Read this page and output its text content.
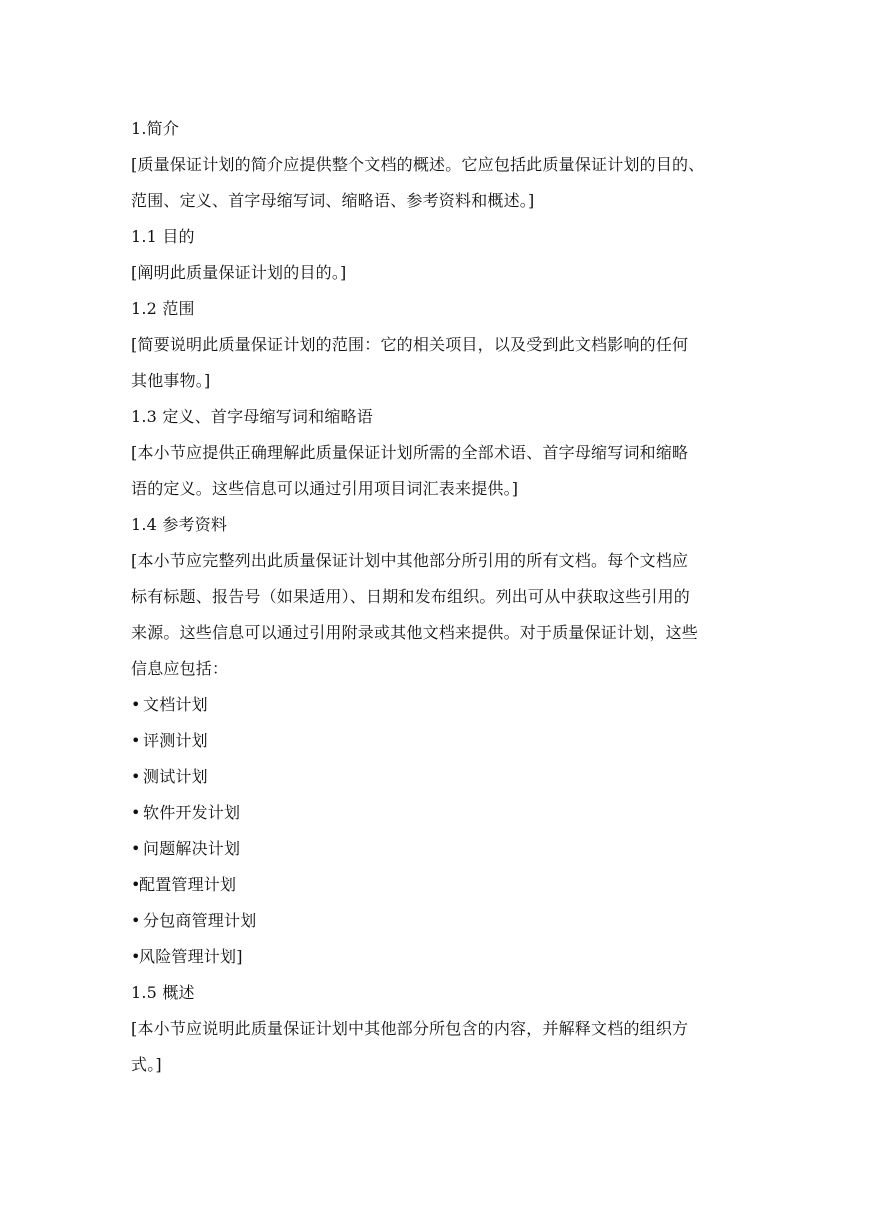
1.简介
[质量保证计划的简介应提供整个文档的概述。它应包括此质量保证计划的目的、
范围、定义、首字母缩写词、缩略语、参考资料和概述。]
1.1 目的
[阐明此质量保证计划的目的。]
1.2 范围
[简要说明此质量保证计划的范围：它的相关项目，以及受到此文档影响的任何
其他事物。]
1.3 定义、首字母缩写词和缩略语
[本小节应提供正确理解此质量保证计划所需的全部术语、首字母缩写词和缩略
语的定义。这些信息可以通过引用项目词汇表来提供。]
1.4 参考资料
[本小节应完整列出此质量保证计划中其他部分所引用的所有文档。每个文档应
标有标题、报告号（如果适用）、日期和发布组织。列出可从中获取这些引用的
来源。这些信息可以通过引用附录或其他文档来提供。对于质量保证计划，这些
信息应包括：
• 文档计划
• 评测计划
• 测试计划
• 软件开发计划
• 问题解决计划
•配置管理计划
• 分包商管理计划
•风险管理计划]
1.5 概述
[本小节应说明此质量保证计划中其他部分所包含的内容，并解释文档的组织方
式。]
